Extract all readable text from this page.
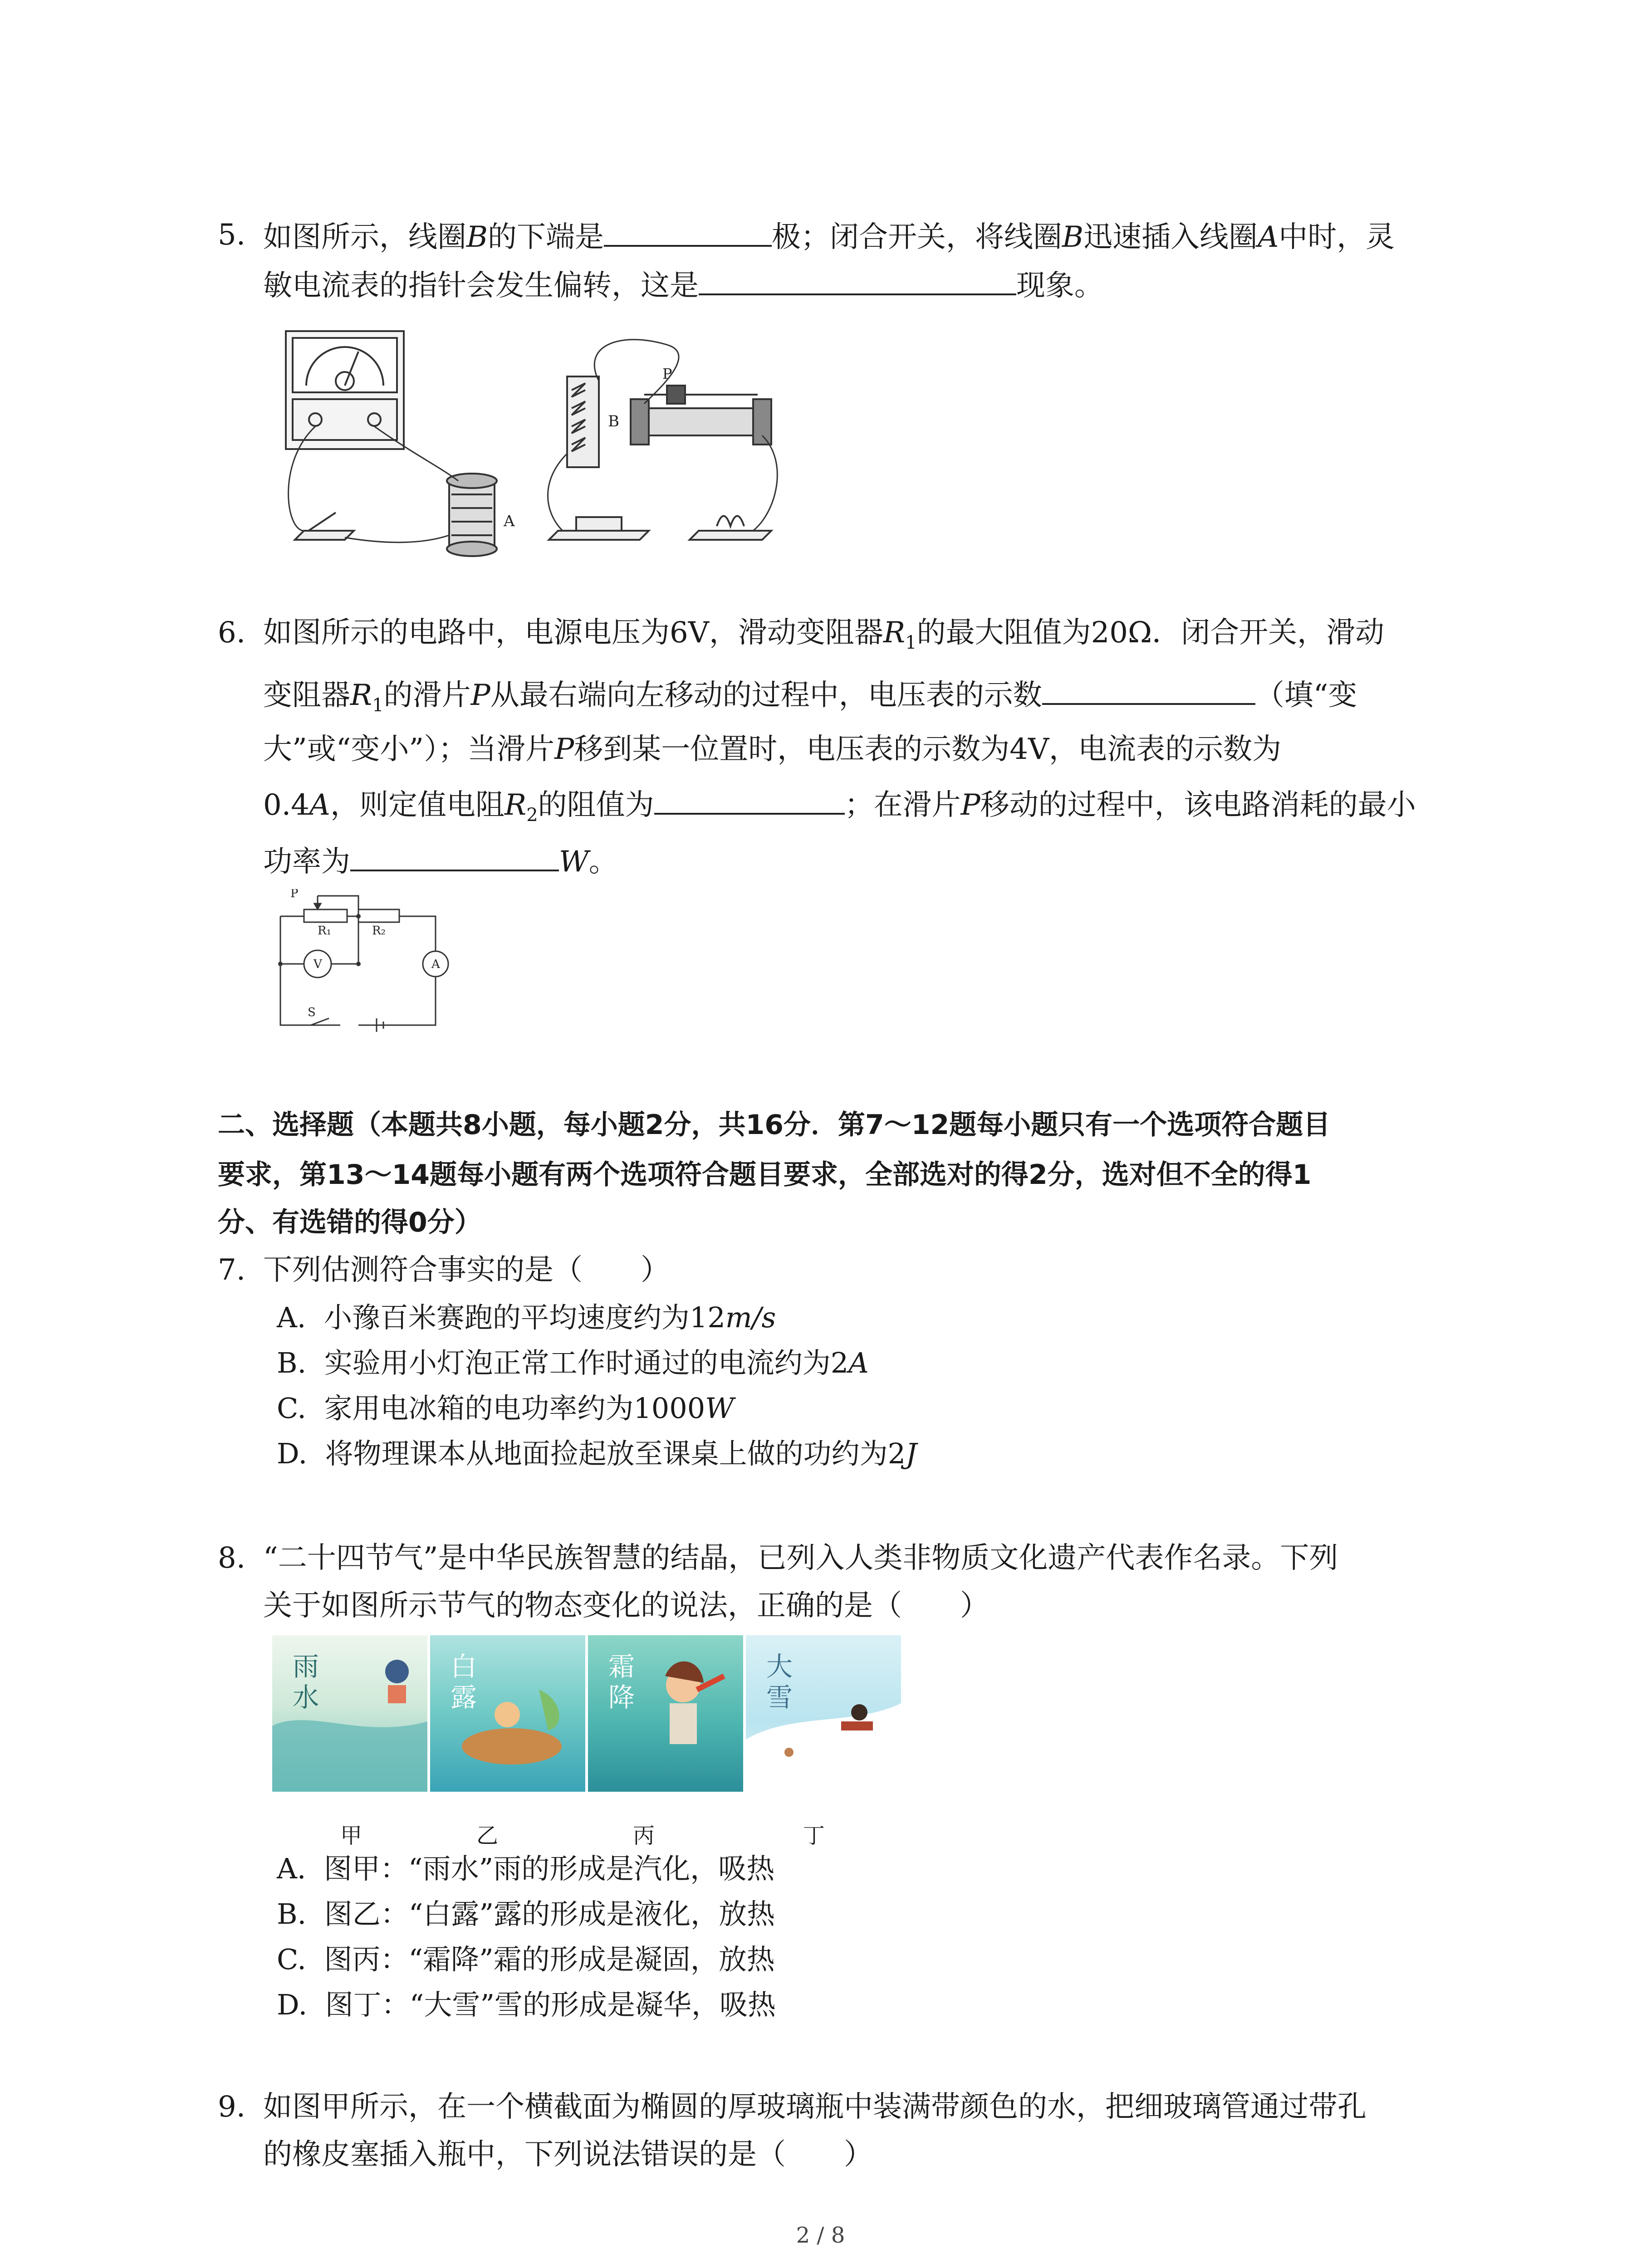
5. 如图所示，线圈B的下端是	极；闭合开关，将线圈B迅速插入线圈A中时，灵
敏电流表的指针会发生偏转，这是	现象。
A
B
P
6. 如图所示的电路中，电源电压为6V，滑动变阻器$R_1$的最大阻值为20Ω．闭合开关，滑动
变阻器$R_1$的滑片P从最右端向左移动的过程中，电压表的示数	（填“变
大”或“变小”）；当滑片P移到某一位置时，电压表的示数为4V，电流表的示数为
0.4A，则定值电阻$R_2$的阻值为	；在滑片P移动的过程中，该电路消耗的最小
功率为	W。
P
R₁	R₂
V	A
S
二、选择题（本题共8小题，每小题2分，共16分．第7～12题每小题只有一个选项符合题目
要求，第13～14题每小题有两个选项符合题目要求，全部选对的得2分，选对但不全的得1
分、有选错的得0分）
7. 下列估测符合事实的是（　　）
A. 小豫百米赛跑的平均速度约为12m/s
B. 实验用小灯泡正常工作时通过的电流约为2A
C. 家用电冰箱的电功率约为1000W
D. 将物理课本从地面捡起放至课桌上做的功约为2J
8. “二十四节气”是中华民族智慧的结晶，已列入人类非物质文化遗产代表作名录。下列
关于如图所示节气的物态变化的说法，正确的是（　　）
雨
水
白
露
霜
降
大
雪
甲	乙	丙	丁
A. 图甲：“雨水”雨的形成是汽化，吸热
B. 图乙：“白露”露的形成是液化，放热
C. 图丙：“霜降”霜的形成是凝固，放热
D. 图丁：“大雪”雪的形成是凝华，吸热
9. 如图甲所示，在一个横截面为椭圆的厚玻璃瓶中装满带颜色的水，把细玻璃管通过带孔
的橡皮塞插入瓶中，下列说法错误的是（　　）
2 / 8
